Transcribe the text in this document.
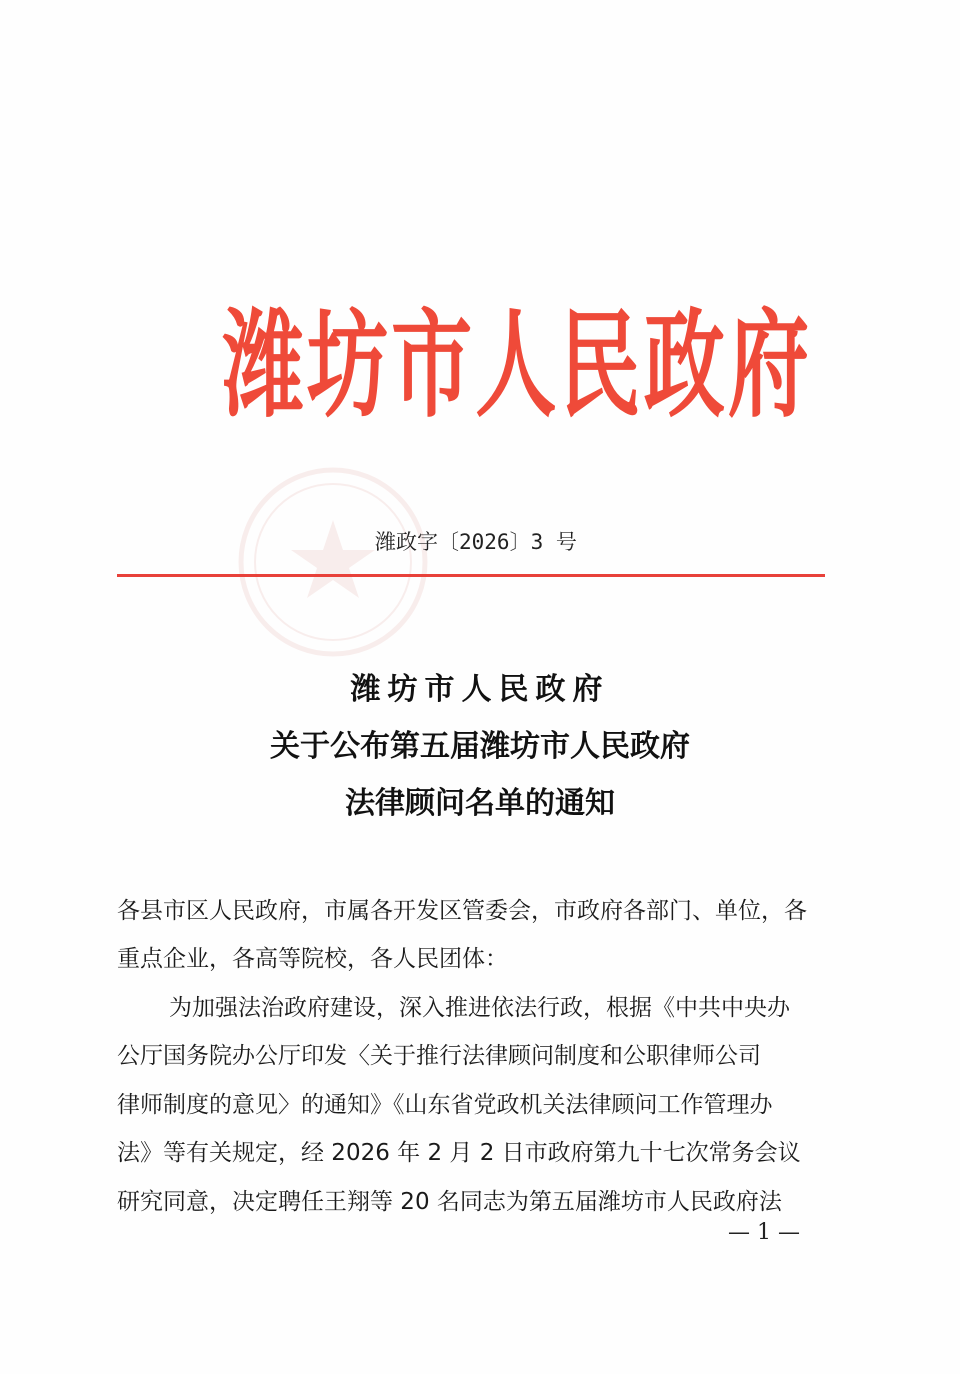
潍坊市人民政府
潍政字〔2026〕3 号
潍坊市人民政府
关于公布第五届潍坊市人民政府
法律顾问名单的通知
各县市区人民政府，市属各开发区管委会，市政府各部门、单位，各
重点企业，各高等院校，各人民团体：
为加强法治政府建设，深入推进依法行政，根据《中共中央办
公厅国务院办公厅印发〈关于推行法律顾问制度和公职律师公司
律师制度的意见〉的通知》《山东省党政机关法律顾问工作管理办
法》等有关规定，经 2026 年 2 月 2 日市政府第九十七次常务会议
研究同意，决定聘任王翔等 20 名同志为第五届潍坊市人民政府法
— 1 —
